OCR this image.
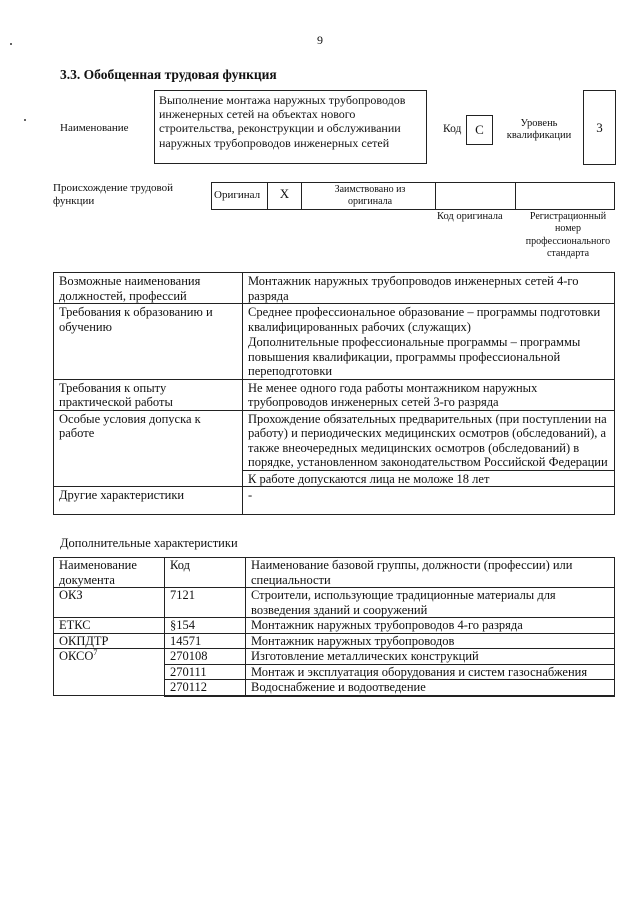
9
3.3. Обобщенная трудовая функция
Наименование
Выполнение монтажа наружных трубопроводов инженерных сетей на объектах нового строительства, реконструкции и обслуживании наружных трубопроводов инженерных сетей
Код	C	Уровень квалификации	3
Происхождение трудовой функции	Оригинал	X	Заимствовано из оригинала
Код оригинала	Регистрационный номер профессионального стандарта
Возможные наименования должностей, профессий	Монтажник наружных трубопроводов инженерных сетей 4-го разряда
Требования к образованию и обучению	Среднее профессиональное образование – программы подготовки квалифицированных рабочих (служащих)
	Дополнительные профессиональные программы – программы повышения квалификации, программы профессиональной переподготовки
Требования к опыту практической работы	Не менее одного года работы монтажником наружных трубопроводов инженерных сетей 3-го разряда
Особые условия допуска к работе	Прохождение обязательных предварительных (при поступлении на работу) и периодических медицинских осмотров (обследований), а также внеочередных медицинских осмотров (обследований) в порядке, установленном законодательством Российской Федерации
	К работе допускаются лица не моложе 18 лет
Другие характеристики	-
Дополнительные характеристики
Наименование документа	Код	Наименование базовой группы, должности (профессии) или специальности
ОКЗ	7121	Строители, использующие традиционные материалы для возведения зданий и сооружений
ЕТКС	§154	Монтажник наружных трубопроводов 4-го разряда
ОКПДТР	14571	Монтажник наружных трубопроводов
ОКСО$^7$	270108	Изготовление металлических конструкций
	270111	Монтаж и эксплуатация оборудования и систем газоснабжения
	270112	Водоснабжение и водоотведение
